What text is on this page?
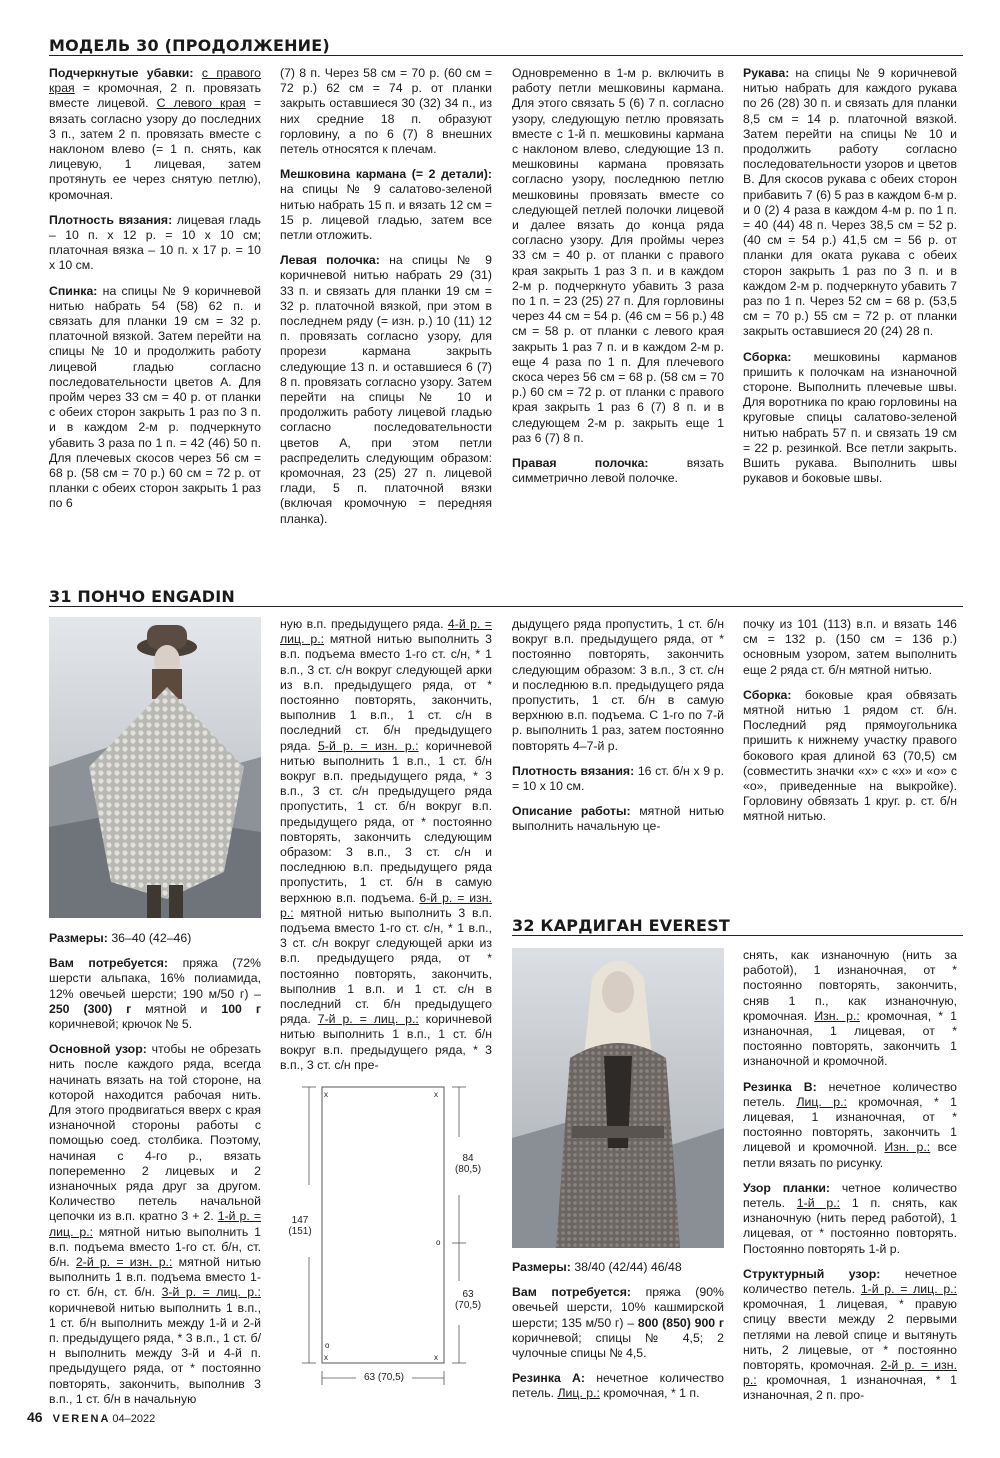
МОДЕЛЬ 30 (ПРОДОЛЖЕНИЕ)

Подчеркнутые убавки: с правого края = кромочная, 2 п. провязать вместе лицевой. С левого края = вязать согласно узору до последних 3 п., затем 2 п. провязать вместе с наклоном влево (= 1 п. снять, как лицевую, 1 лицевая, затем протянуть ее через снятую петлю), кромочная.

Плотность вязания: лицевая гладь – 10 п. х 12 р. = 10 х 10 см; платочная вязка – 10 п. х 17 р. = 10 х 10 см.

Спинка: на спицы № 9 коричневой нитью набрать 54 (58) 62 п. и связать для планки 19 см = 32 р. платочной вязкой. Затем перейти на спицы № 10 и продолжить работу лицевой гладью согласно последовательности цветов А. Для пройм через 33 см = 40 р. от планки с обеих сторон закрыть 1 раз по 3 п. и в каждом 2-м р. подчеркнуто убавить 3 раза по 1 п. = 42 (46) 50 п. Для плечевых скосов через 56 см = 68 р. (58 см = 70 р.) 60 см = 72 р. от планки с обеих сторон закрыть 1 раз по 6

(7) 8 п. Через 58 см = 70 р. (60 см = 72 р.) 62 см = 74 р. от планки закрыть оставшиеся 30 (32) 34 п., из них средние 18 п. образуют горловину, а по 6 (7) 8 внешних петель относятся к плечам.

Мешковина кармана (= 2 детали): на спицы № 9 салатово-зеленой нитью набрать 15 п. и вязать 12 см = 15 р. лицевой гладью, затем все петли отложить.

Левая полочка: на спицы № 9 коричневой нитью набрать 29 (31) 33 п. и связать для планки 19 см = 32 р. платочной вязкой, при этом в последнем ряду (= изн. р.) 10 (11) 12 п. провязать согласно узору, для прорези кармана закрыть следующие 13 п. и оставшиеся 6 (7) 8 п. провязать согласно узору. Затем перейти на спицы № 10 и продолжить работу лицевой гладью согласно последовательности цветов А, при этом петли распределить следующим образом: кромочная, 23 (25) 27 п. лицевой глади, 5 п. платочной вязки (включая кромочную = передняя планка).

Одновременно в 1-м р. включить в работу петли мешковины кармана. Для этого связать 5 (6) 7 п. согласно узору, следующую петлю провязать вместе с 1-й п. мешковины кармана с наклоном влево, следующие 13 п. мешковины кармана провязать согласно узору, последнюю петлю мешковины провязать вместе со следующей петлей полочки лицевой и далее вязать до конца ряда согласно узору. Для проймы через 33 см = 40 р. от планки с правого края закрыть 1 раз 3 п. и в каждом 2-м р. подчеркнуто убавить 3 раза по 1 п. = 23 (25) 27 п. Для горловины через 44 см = 54 р. (46 см = 56 р.) 48 см = 58 р. от планки с левого края закрыть 1 раз 7 п. и в каждом 2-м р. еще 4 раза по 1 п. Для плечевого скоса через 56 см = 68 р. (58 см = 70 р.) 60 см = 72 р. от планки с правого края закрыть 1 раз 6 (7) 8 п. и в следующем 2-м р. закрыть еще 1 раз 6 (7) 8 п.

Правая полочка:	вязать симметрично левой полочке.

Рукава: на спицы № 9 коричневой нитью набрать для каждого рукава по 26 (28) 30 п. и связать для планки 8,5 см = 14 р. платочной вязкой. Затем перейти на спицы № 10 и продолжить работу согласно последовательности узоров и цветов В. Для скосов рукава с обеих сторон прибавить 7 (6) 5 раз в каждом 6-м р. и 0 (2) 4 раза в каждом 4-м р. по 1 п. = 40 (44) 48 п. Через 38,5 см = 52 р. (40 см = 54 р.) 41,5 см = 56 р. от планки для оката рукава с обеих сторон закрыть 1 раз по 3 п. и в каждом 2-м р. подчеркнуто убавить 7 раз по 1 п. Через 52 см = 68 р. (53,5 см = 70 р.) 55 см = 72 р. от планки закрыть оставшиеся 20 (24) 28 п.

Сборка: мешковины карманов пришить к полочкам на изнаночной стороне. Выполнить плечевые швы. Для воротника по краю горловины на круговые спицы салатово-зеленой нитью набрать 57 п. и связать 19 см = 22 р. резинкой. Все петли закрыть. Вшить рукава. Выполнить швы рукавов и боковые швы.

31 ПОНЧО ENGADIN

Размеры: 36–40 (42–46)

Вам потребуется: пряжа (72% шерсти альпака, 16% полиамида, 12% овечьей шерсти; 190 м/50 г) – 250 (300) г мятной и 100 г коричневой; крючок № 5.

Основной узор: чтобы не обрезать нить после каждого ряда, всегда начинать вязать на той стороне, на которой находится рабочая нить. Для этого продвигаться вверх с края изнаночной стороны работы с помощью соед. столбика. Поэтому, начиная с 4-го р., вязать попеременно 2 лицевых и 2 изнаночных ряда друг за другом. Количество петель начальной цепочки из в.п. кратно 3 + 2. 1-й р. = лиц. р.: мятной нитью выполнить 1 в.п. подъема вместо 1-го ст. б/н, ст. б/н. 2-й р. = изн. р.: мятной нитью выполнить 1 в.п. подъема вместо 1-го ст. б/н, ст. б/н. 3-й р. = лиц. р.: коричневой нитью выполнить 1 в.п., 1 ст. б/н выполнить между 1-й и 2-й п. предыдущего ряда, * 3 в.п., 1 ст. б/н выполнить между 3-й и 4-й п. предыдущего ряда, от * постоянно повторять, закончить, выполнив 3 в.п., 1 ст. б/н в начальную

ную в.п. предыдущего ряда. 4-й р. = лиц. р.: мятной нитью выполнить 3 в.п. подъема вместо 1-го ст. с/н, * 1 в.п., 3 ст. с/н вокруг следующей арки из в.п. предыдущего ряда, от * постоянно повторять, закончить, выполнив 1 в.п., 1 ст. с/н в последний ст. б/н предыдущего ряда. 5-й р. = изн. р.: коричневой нитью выполнить 1 в.п., 1 ст. б/н вокруг в.п. предыдущего ряда, * 3 в.п., 3 ст. с/н предыдущего ряда пропустить, 1 ст. б/н вокруг в.п. предыдущего ряда, от * постоянно повторять, закончить следующим образом: 3 в.п., 3 ст. с/н и последнюю в.п. предыдущего ряда пропустить, 1 ст. б/н в самую верхнюю в.п. подъема. 6-й р. = изн. р.: мятной нитью выполнить 3 в.п. подъема вместо 1-го ст. с/н, * 1 в.п., 3 ст. с/н вокруг следующей арки из в.п. предыдущего ряда, от * постоянно повторять, закончить, выполнив 1 в.п. и 1 ст. с/н в последний ст. б/н предыдущего ряда. 7-й р. = лиц. р.: коричневой нитью выполнить 1 в.п., 1 ст. б/н вокруг в.п. предыдущего ряда, * 3 в.п., 3 ст. с/н пре-

x	x
o
o
x	x
147
(151)
84
(80,5)
63
(70,5)
63 (70,5)

дыдущего ряда пропустить, 1 ст. б/н вокруг в.п. предыдущего ряда, от * постоянно повторять, закончить следующим образом: 3 в.п., 3 ст. с/н и последнюю в.п. предыдущего ряда пропустить, 1 ст. б/н в самую верхнюю в.п. подъема. С 1-го по 7-й р. выполнить 1 раз, затем постоянно повторять 4–7-й р.

Плотность вязания: 16 ст. б/н х 9 р. = 10 х 10 см.

Описание работы: мятной нитью выполнить начальную це-

почку из 101 (113) в.п. и вязать 146 см = 132 р. (150 см = 136 р.) основным узором, затем выполнить еще 2 ряда ст. б/н мятной нитью.

Сборка: боковые края обвязать мятной нитью 1 рядом ст. б/н. Последний ряд прямоугольника пришить к нижнему участку правого бокового края длиной 63 (70,5) см (совместить значки «х» с «х» и «о» с «о», приведенные на выкройке). Горловину обвязать 1 круг. р. ст. б/н мятной нитью.

32 КАРДИГАН EVEREST

Размеры: 38/40 (42/44) 46/48

Вам потребуется: пряжа (90% овечьей шерсти, 10% кашмирской шерсти; 135 м/50 г) – 800 (850) 900 г коричневой; спицы № 4,5; 2 чулочные спицы № 4,5.

Резинка А: нечетное количество петель. Лиц. р.: кромочная, * 1 п.

снять, как изнаночную (нить за работой), 1 изнаночная, от * постоянно повторять, закончить, сняв 1 п., как изнаночную, кромочная. Изн. р.: кромочная, * 1 изнаночная, 1 лицевая, от * постоянно повторять, закончить 1 изнаночной и кромочной.

Резинка В: нечетное количество петель. Лиц. р.: кромочная, * 1 лицевая, 1 изнаночная, от * постоянно повторять, закончить 1 лицевой и кромочной. Изн. р.: все петли вязать по рисунку.

Узор планки: четное количество петель. 1-й р.: 1 п. снять, как изнаночную (нить перед работой), 1 лицевая, от * постоянно повторять. Постоянно повторять 1-й р.

Структурный узор: нечетное количество петель. 1-й р. = лиц. р.: кромочная, 1 лицевая, * правую спицу ввести между 2 первыми петлями на левой спице и вытянуть нить, 2 лицевые, от * постоянно повторять, кромочная. 2-й р. = изн. р.: кромочная, 1 изнаночная, * 1 изнаночная, 2 п. про-

46 VERENA 04–2022
